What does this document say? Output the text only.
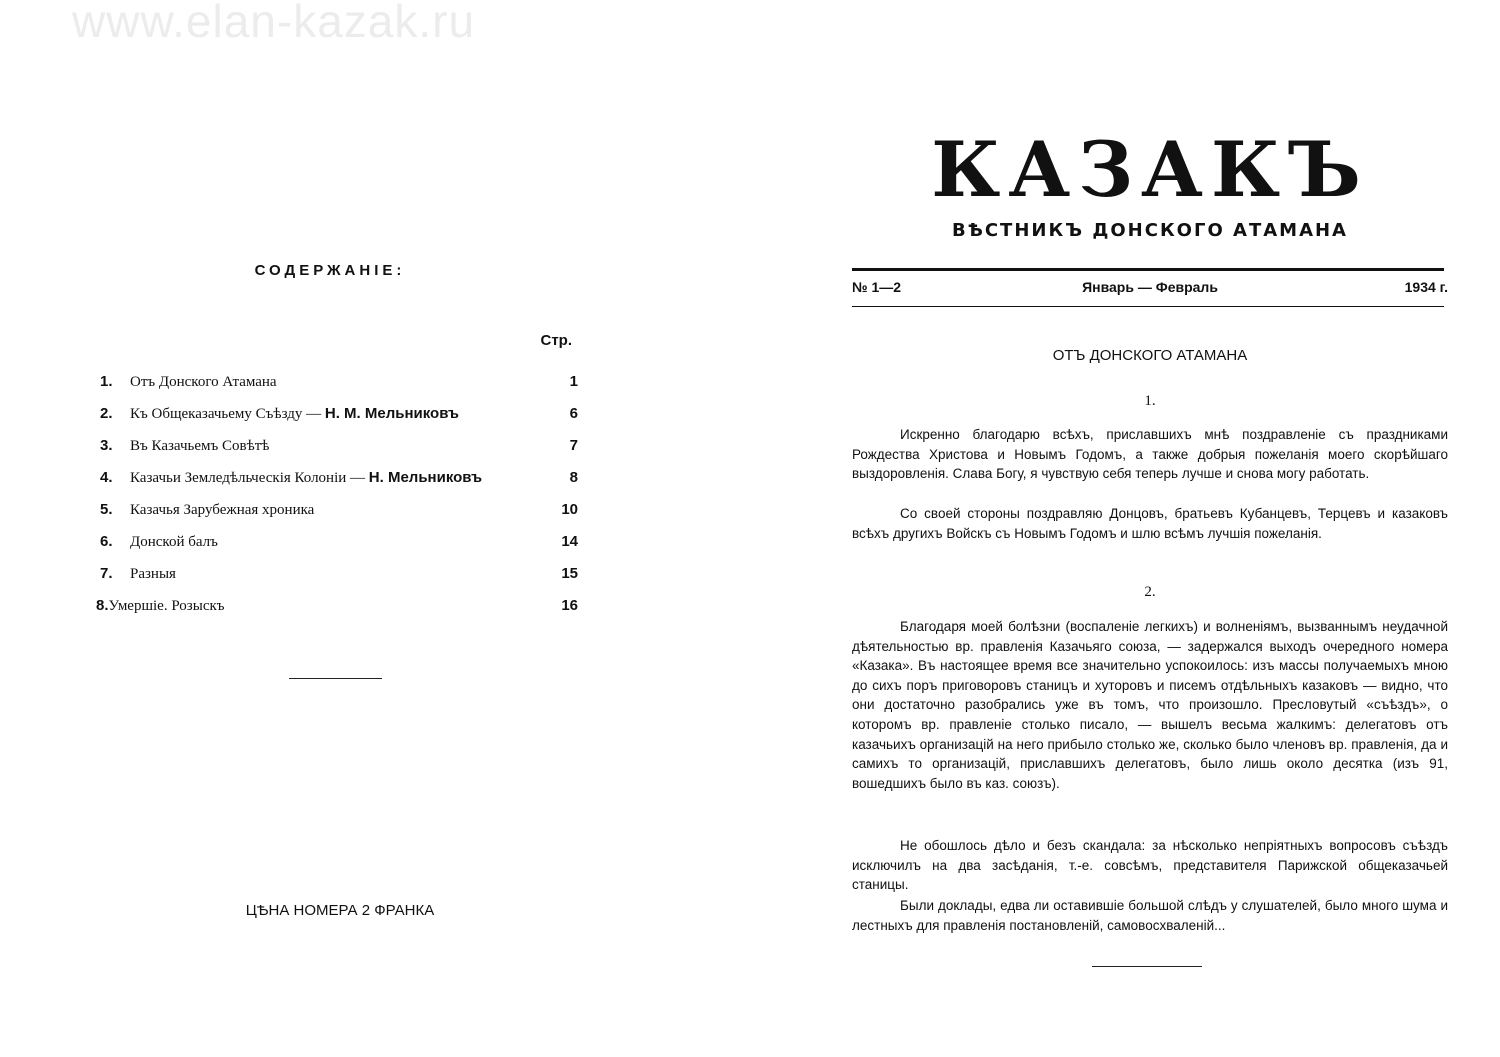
www.elan-kazak.ru
СОДЕРЖАНІЕ:
Стр.
1.	Отъ Донского Атамана	1
2.	Къ Общеказачьему Съѣзду — Н. М. Мельниковъ	6
3.	Въ Казачьемъ Совѣтѣ	7
4.	Казачьи Земледѣльческія Колоніи — Н. Мельниковъ	8
5.	Казачья Зарубежная хроника	10
6.	Донской балъ	14
7.	Разныя	15
8.Умершіе. Розыскъ	16
ЦѢНА НОМЕРА 2 ФРАНКА
КАЗАКЪ
ВѢСТНИКЪ ДОНСКОГО АТАМАНА
№ 1—2	Январь — Февраль	1934 г.
ОТЪ ДОНСКОГО АТАМАНА
1.

Искренно благодарю всѣхъ, приславшихъ мнѣ поздравленіе съ праздниками Рождества Христова и Новымъ Годомъ, а также добрыя пожеланія моего скорѣйшаго выздоровленія. Слава Богу, я чувствую себя теперь лучше и снова могу работать.

Со своей стороны поздравляю Донцовъ, братьевъ Кубанцевъ, Терцевъ и казаковъ всѣхъ другихъ Войскъ съ Новымъ Годомъ и шлю всѣмъ лучшія пожеланія.

2.

Благодаря моей болѣзни (воспаленіе легкихъ) и волненіямъ, вызваннымъ неудачной дѣятельностью вр. правленія Казачьяго союза, — задержался выходъ очередного номера «Казака». Въ настоящее время все значительно успокоилось: изъ массы получаемыхъ мною до сихъ поръ приговоровъ станицъ и хуторовъ и писемъ отдѣльныхъ казаковъ — видно, что они достаточно разобрались уже въ томъ, что произошло. Пресловутый «съѣздъ», о которомъ вр. правленіе столько писало, — вышелъ весьма жалкимъ: делегатовъ отъ казачьихъ организацій на него прибыло столько же, сколько было членовъ вр. правленія, да и самихъ то организацій, приславшихъ делегатовъ, было лишь около десятка (изъ 91, вошедшихъ было въ каз. союзъ).

Не обошлось дѣло и безъ скандала: за нѣсколько непріятныхъ вопросовъ съѣздъ исключилъ на два засѣданія, т.-е. совсѣмъ, представителя Парижской общеказачьей станицы.

Были доклады, едва ли оставившіе большой слѣдъ у слушателей, было много шума и лестныхъ для правленія постановленій, самовосхваленій...
